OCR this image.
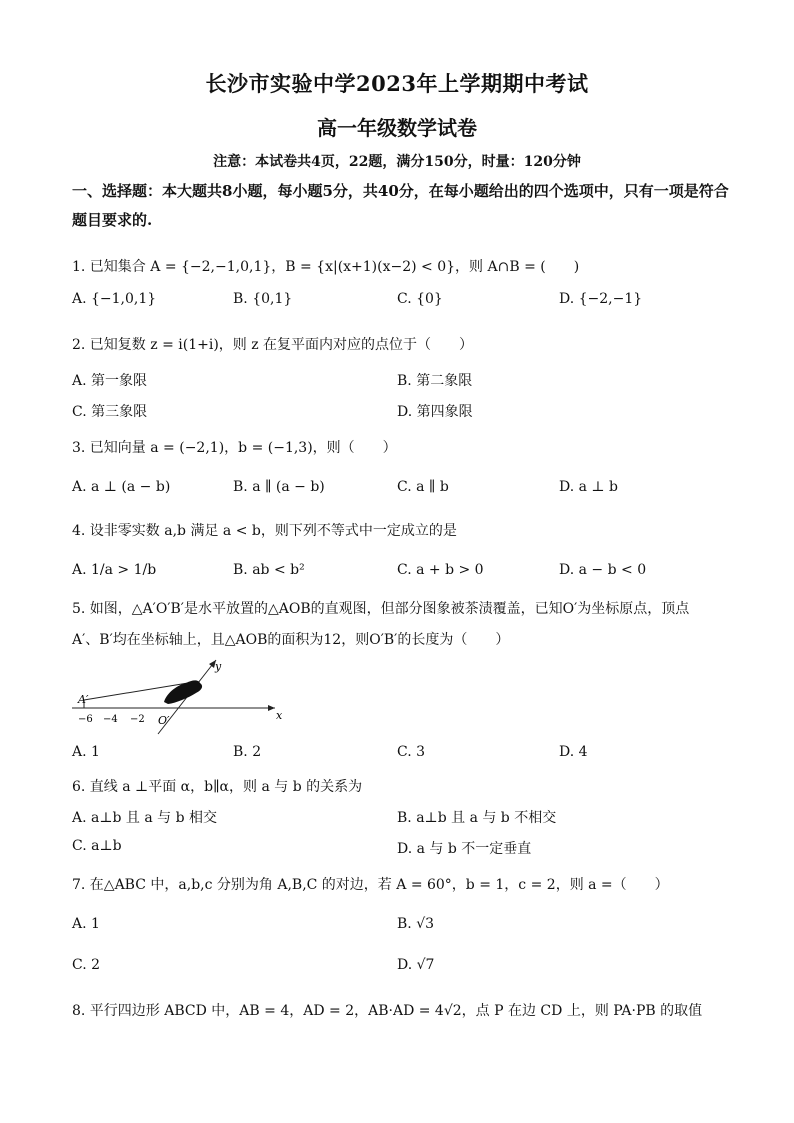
长沙市实验中学2023年上学期期中考试
高一年级数学试卷
注意：本试卷共4页，22题，满分150分，时量：120分钟
一、选择题：本大题共8小题，每小题5分，共40分，在每小题给出的四个选项中，只有一项是符合题目要求的.
1. 已知集合 A = {−2,−1,0,1}，B = {x|(x+1)(x−2) < 0}，则 A∩B = (　　)
A. {−1,0,1}	B. {0,1}	C. {0}	D. {−2,−1}
2. 已知复数 z = i(1+i)，则 z 在复平面内对应的点位于（　　）
A. 第一象限	B. 第二象限
C. 第三象限	D. 第四象限
3. 已知向量 a = (−2,1)，b = (−1,3)，则（　　）
A. a ⊥ (a − b)	B. a ∥ (a − b)	C. a ∥ b	D. a ⊥ b
4. 设非零实数 a,b 满足 a < b，则下列不等式中一定成立的是
A. 1/a > 1/b	B. ab < b²	C. a + b > 0	D. a − b < 0
5. 如图，△A′O′B′是水平放置的△AOB的直观图，但部分图象被茶渍覆盖，已知O′为坐标原点，顶点
A′、B′均在坐标轴上，且△AOB的面积为12，则O′B′的长度为（　　）
x
y
A′
O′
−6 −4 −2
A. 1	B. 2	C. 3	D. 4
6. 直线 a ⊥平面 α，b∥α，则 a 与 b 的关系为
A. a⊥b 且 a 与 b 相交	B. a⊥b 且 a 与 b 不相交
C. a⊥b	D. a 与 b 不一定垂直
7. 在△ABC 中，a,b,c 分别为角 A,B,C 的对边，若 A = 60°，b = 1，c = 2，则 a =（　　）
A. 1	B. √3
C. 2	D. √7
8. 平行四边形 ABCD 中，AB = 4，AD = 2，AB·AD = 4√2，点 P 在边 CD 上，则 PA·PB 的取值
